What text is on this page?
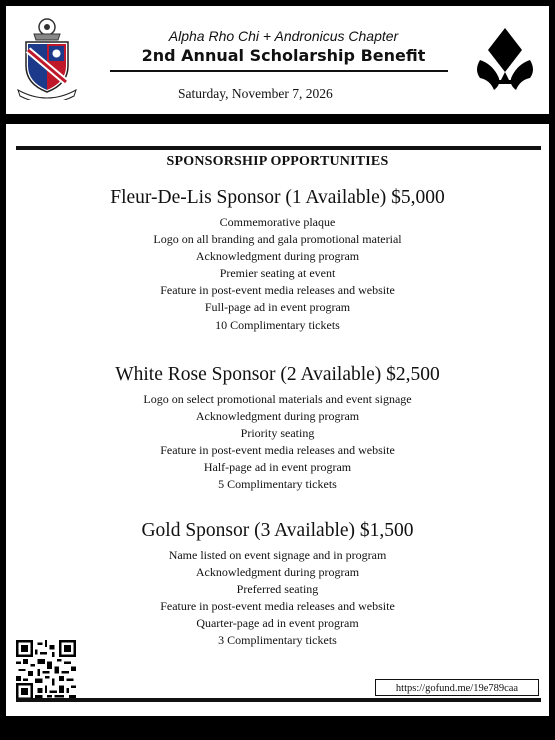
Alpha Rho Chi + Andronicus Chapter
2nd Annual Scholarship Benefit
Saturday, November 7, 2026
SPONSORSHIP OPPORTUNITIES
Fleur-De-Lis Sponsor (1 Available) $5,000
Commemorative plaque
Logo on all branding and gala promotional material
Acknowledgment during program
Premier seating at event
Feature in post-event media releases and website
Full-page ad in event program
10 Complimentary tickets
White Rose Sponsor (2 Available) $2,500
Logo on select promotional materials and event signage
Acknowledgment during program
Priority seating
Feature in post-event media releases and website
Half-page ad in event program
5 Complimentary tickets
Gold Sponsor (3 Available) $1,500
Name listed on event signage and in program
Acknowledgment during program
Preferred seating
Feature in post-event media releases and website
Quarter-page ad in event program
3 Complimentary tickets
https://gofund.me/19e789caa
